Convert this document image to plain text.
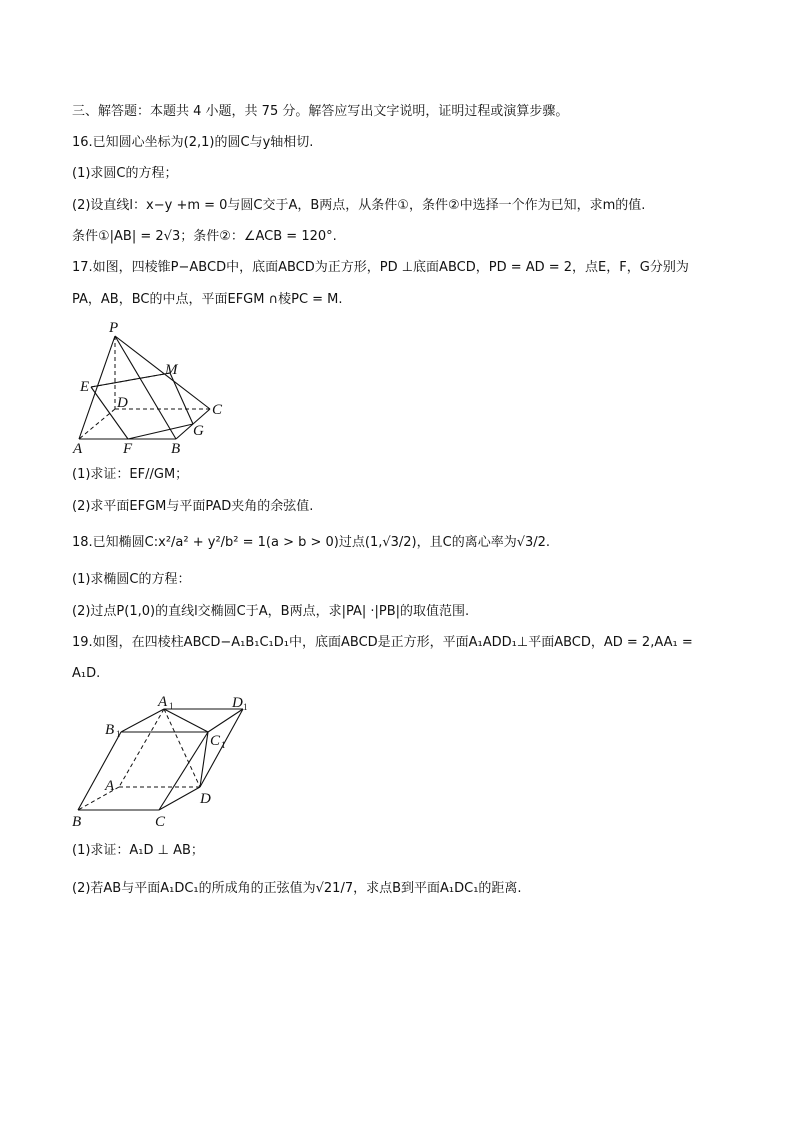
三、解答题：本题共 4 小题，共 75 分。解答应写出文字说明，证明过程或演算步骤。
16.已知圆心坐标为(2,1)的圆C与y轴相切.
(1)求圆C的方程；
(2)设直线l：x−y +m = 0与圆C交于A，B两点，从条件①，条件②中选择一个作为已知，求m的值.
条件①|AB| = 2√3；条件②：∠ACB = 120°.
17.如图，四棱锥P−ABCD中，底面ABCD为正方形，PD ⊥底面ABCD，PD = AD = 2，点E，F，G分别为
PA，AB，BC的中点，平面EFGM ∩棱PC = M.
P
M
E
D	C
G
A	F	B
(1)求证：EF//GM；
(2)求平面EFGM与平面PAD夹角的余弦值.
18.已知椭圆C:x²/a² + y²/b² = 1(a > b > 0)过点(1,√3/2)，且C的离心率为√3/2.
(1)求椭圆C的方程：
(2)过点P(1,0)的直线l交椭圆C于A，B两点，求|PA| ·|PB|的取值范围.
19.如图，在四棱柱ABCD−A₁B₁C₁D₁中，底面ABCD是正方形，平面A₁ADD₁⊥平面ABCD，AD = 2,AA₁ =
A₁D.
A 1	D 1
B 1	C 1
A
D
B	C
(1)求证：A₁D ⊥ AB；
(2)若AB与平面A₁DC₁的所成角的正弦值为√21/7，求点B到平面A₁DC₁的距离.
